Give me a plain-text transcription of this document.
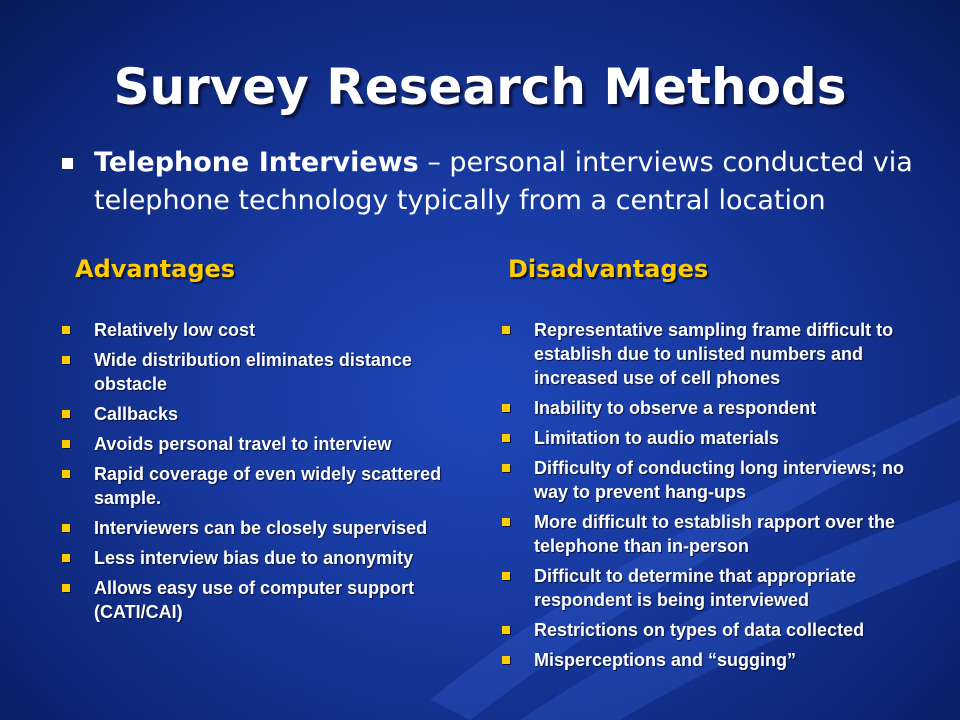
Survey Research Methods
Telephone Interviews – personal interviews conducted via telephone technology typically from a central location
Advantages	Disadvantages
Relatively low cost
Wide distribution eliminates distance obstacle
Callbacks
Avoids personal travel to interview
Rapid coverage of even widely scattered sample.
Interviewers can be closely supervised
Less interview bias due to anonymity
Allows easy use of computer support (CATI/CAI)
Representative sampling frame difficult to establish due to unlisted numbers and increased use of cell phones
Inability to observe a respondent
Limitation to audio materials
Difficulty of conducting long interviews; no way to prevent hang-ups
More difficult to establish rapport over the telephone than in-person
Difficult to determine that appropriate respondent is being interviewed
Restrictions on types of data collected
Misperceptions and “sugging”
